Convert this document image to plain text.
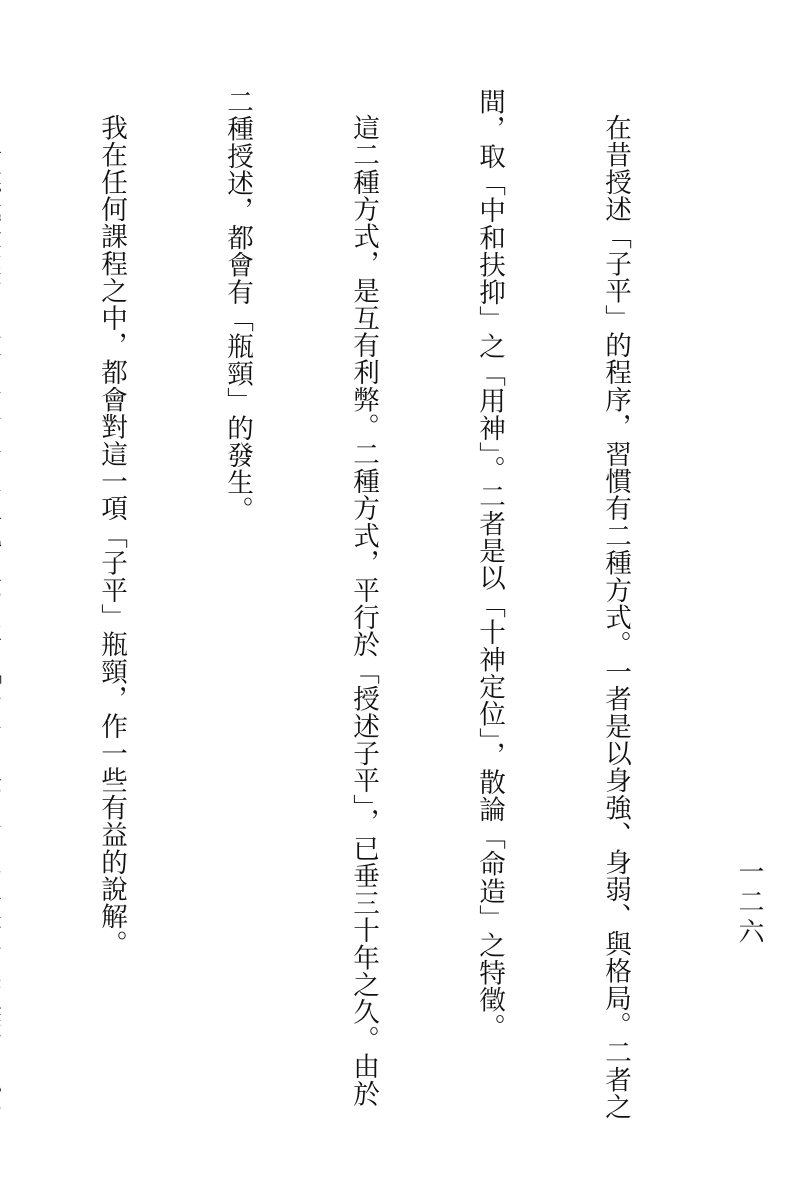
一二六

在昔授述「子平」的程序，習慣有二種方式。一者是以身強、身弱、與格局。二者之

間，取「中和扶抑」之「用神」。二者是以「十神定位」，散論「命造」之特徵。

這二種方式，是互有利弊。二種方式，平行於「授述子平」，已垂三十年之久。由於

二種授述，都會有「瓶頸」的發生。

我在任何課程之中，都會對這一項「子平」瓶頸，作一些有益的說解。
